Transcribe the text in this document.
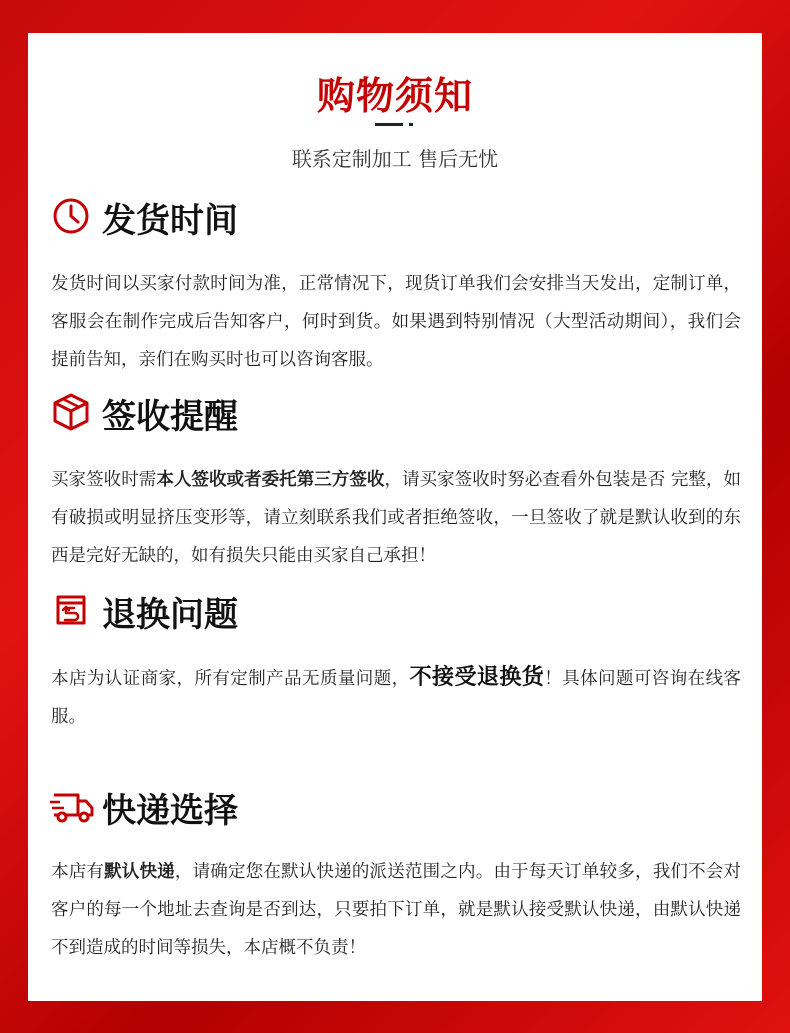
购物须知
联系定制加工 售后无忧
发货时间
发货时间以买家付款时间为准，正常情况下，现货订单我们会安排当天发出，定制订单，客服会在制作完成后告知客户，何时到货。如果遇到特别情况（大型活动期间），我们会提前告知，亲们在购买时也可以咨询客服。
签收提醒
买家签收时需本人签收或者委托第三方签收，请买家签收时努必查看外包装是否 完整，如有破损或明显挤压变形等，请立刻联系我们或者拒绝签收，一旦签收了就是默认收到的东西是完好无缺的，如有损失只能由买家自己承担！
退换问题
本店为认证商家，所有定制产品无质量问题，不接受退换货！具体问题可咨询在线客服。
快递选择
本店有默认快递，请确定您在默认快递的派送范围之内。由于每天订单较多，我们不会对客户的每一个地址去查询是否到达，只要拍下订单，就是默认接受默认快递，由默认快递不到造成的时间等损失，本店概不负责！
